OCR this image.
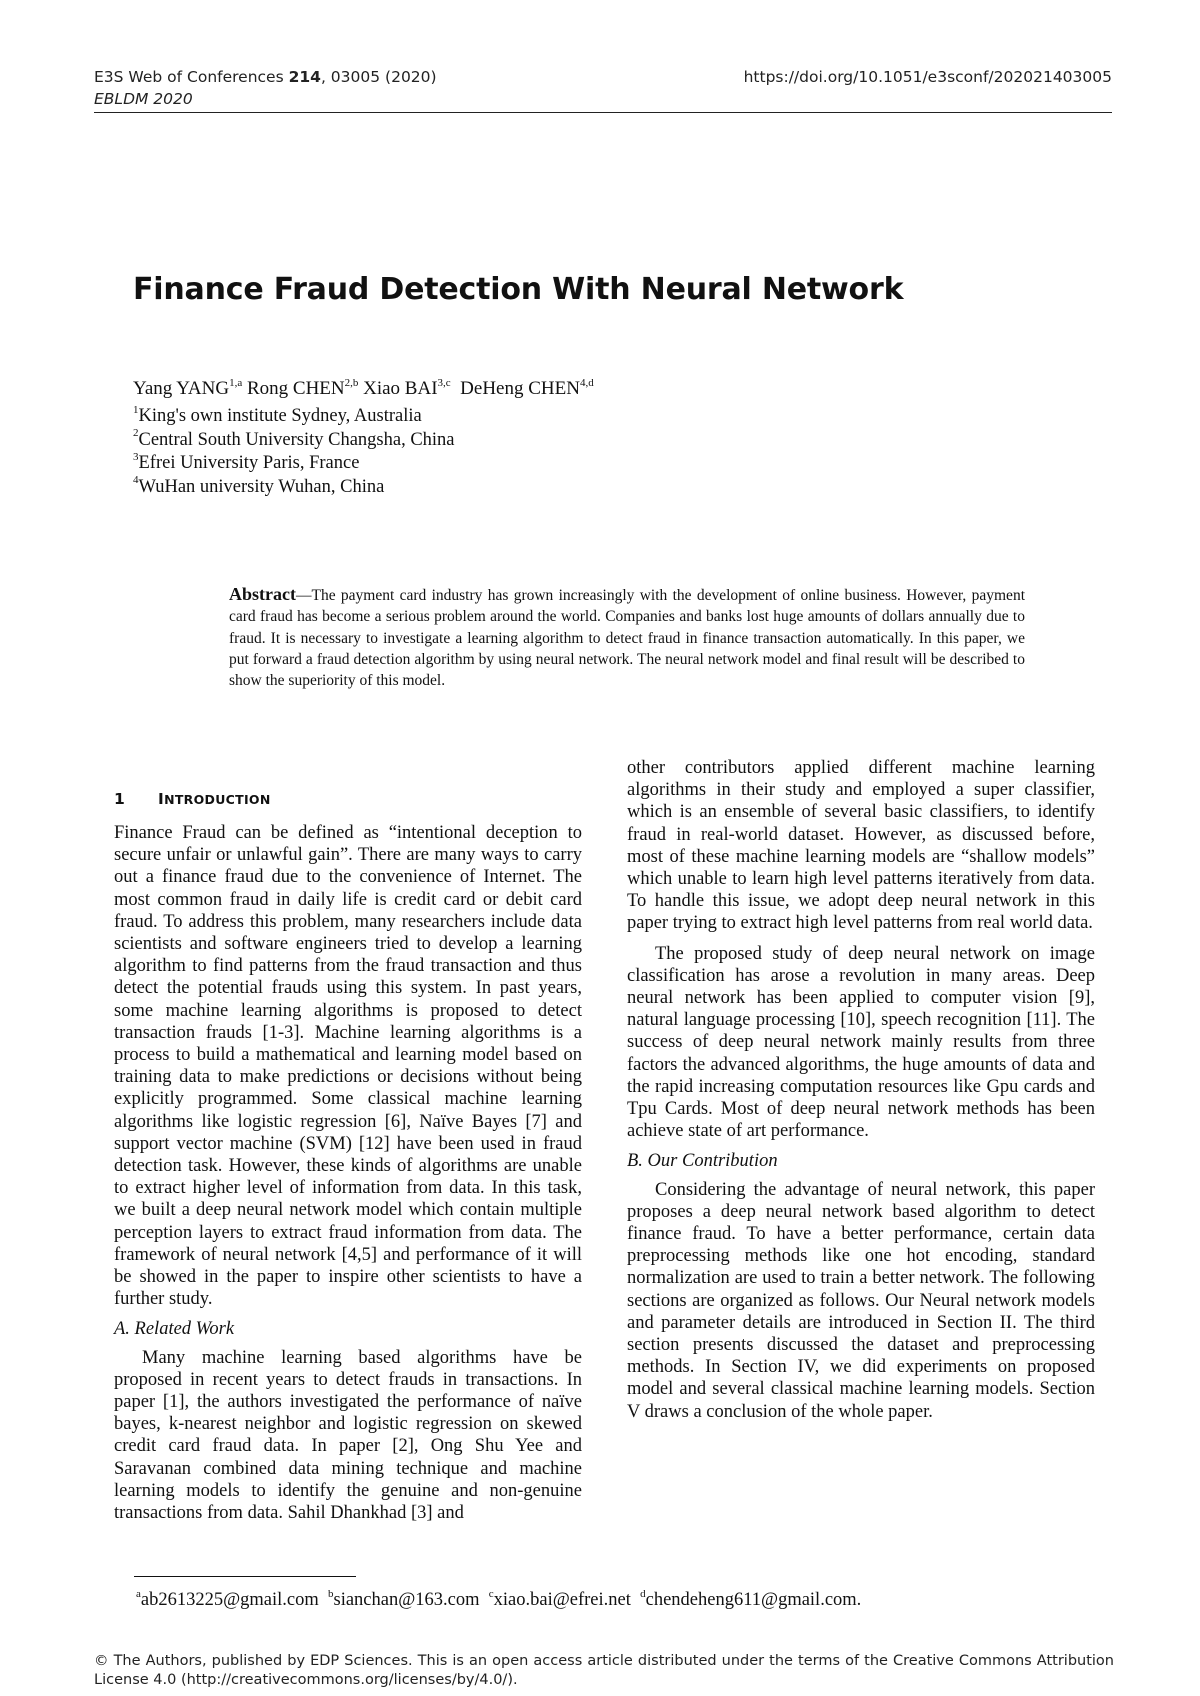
E3S Web of Conferences 214, 03005 (2020)
EBLDM 2020
https://doi.org/10.1051/e3sconf/202021403005
Finance Fraud Detection With Neural Network
Yang YANG$^{1,a}$ Rong CHEN$^{2,b}$ Xiao BAI$^{3,c}$ DeHeng CHEN$^{4,d}$
$^1$King's own institute Sydney, Australia
$^2$Central South University Changsha, China
$^3$Efrei University Paris, France
$^4$WuHan university Wuhan, China
Abstract—The payment card industry has grown increasingly with the development of online business. However, payment card fraud has become a serious problem around the world. Companies and banks lost huge amounts of dollars annually due to fraud. It is necessary to investigate a learning algorithm to detect fraud in finance transaction automatically. In this paper, we put forward a fraud detection algorithm by using neural network. The neural network model and final result will be described to show the superiority of this model.
1 INTRODUCTION

Finance Fraud can be defined as “intentional deception to secure unfair or unlawful gain”. There are many ways to carry out a finance fraud due to the convenience of Internet. The most common fraud in daily life is credit card or debit card fraud. To address this problem, many researchers include data scientists and software engineers tried to develop a learning algorithm to find patterns from the fraud transaction and thus detect the potential frauds using this system. In past years, some machine learning algorithms is proposed to detect transaction frauds [1-3]. Machine learning algorithms is a process to build a mathematical and learning model based on training data to make predictions or decisions without being explicitly programmed. Some classical machine learning algorithms like logistic regression [6], Naïve Bayes [7] and support vector machine (SVM) [12] have been used in fraud detection task. However, these kinds of algorithms are unable to extract higher level of information from data. In this task, we built a deep neural network model which contain multiple perception layers to extract fraud information from data. The framework of neural network [4,5] and performance of it will be showed in the paper to inspire other scientists to have a further study.

A. Related Work

Many machine learning based algorithms have be proposed in recent years to detect frauds in transactions. In paper [1], the authors investigated the performance of naïve bayes, k-nearest neighbor and logistic regression on skewed credit card fraud data. In paper [2], Ong Shu Yee and Saravanan combined data mining technique and machine learning models to identify the genuine and non-genuine transactions from data. Sahil Dhankhad [3] and

other contributors applied different machine learning algorithms in their study and employed a super classifier, which is an ensemble of several basic classifiers, to identify fraud in real-world dataset. However, as discussed before, most of these machine learning models are “shallow models” which unable to learn high level patterns iteratively from data. To handle this issue, we adopt deep neural network in this paper trying to extract high level patterns from real world data.

The proposed study of deep neural network on image classification has arose a revolution in many areas. Deep neural network has been applied to computer vision [9], natural language processing [10], speech recognition [11]. The success of deep neural network mainly results from three factors the advanced algorithms, the huge amounts of data and the rapid increasing computation resources like Gpu cards and Tpu Cards. Most of deep neural network methods has been achieve state of art performance.

B. Our Contribution

Considering the advantage of neural network, this paper proposes a deep neural network based algorithm to detect finance fraud. To have a better performance, certain data preprocessing methods like one hot encoding, standard normalization are used to train a better network. The following sections are organized as follows. Our Neural network models and parameter details are introduced in Section II. The third section presents discussed the dataset and preprocessing methods. In Section IV, we did experiments on proposed model and several classical machine learning models. Section V draws a conclusion of the whole paper.

$^a$ab2613225@gmail.com $^b$sianchan@163.com $^c$xiao.bai@efrei.net $^d$chendeheng611@gmail.com.
© The Authors, published by EDP Sciences. This is an open access article distributed under the terms of the Creative Commons Attribution License 4.0 (http://creativecommons.org/licenses/by/4.0/).
